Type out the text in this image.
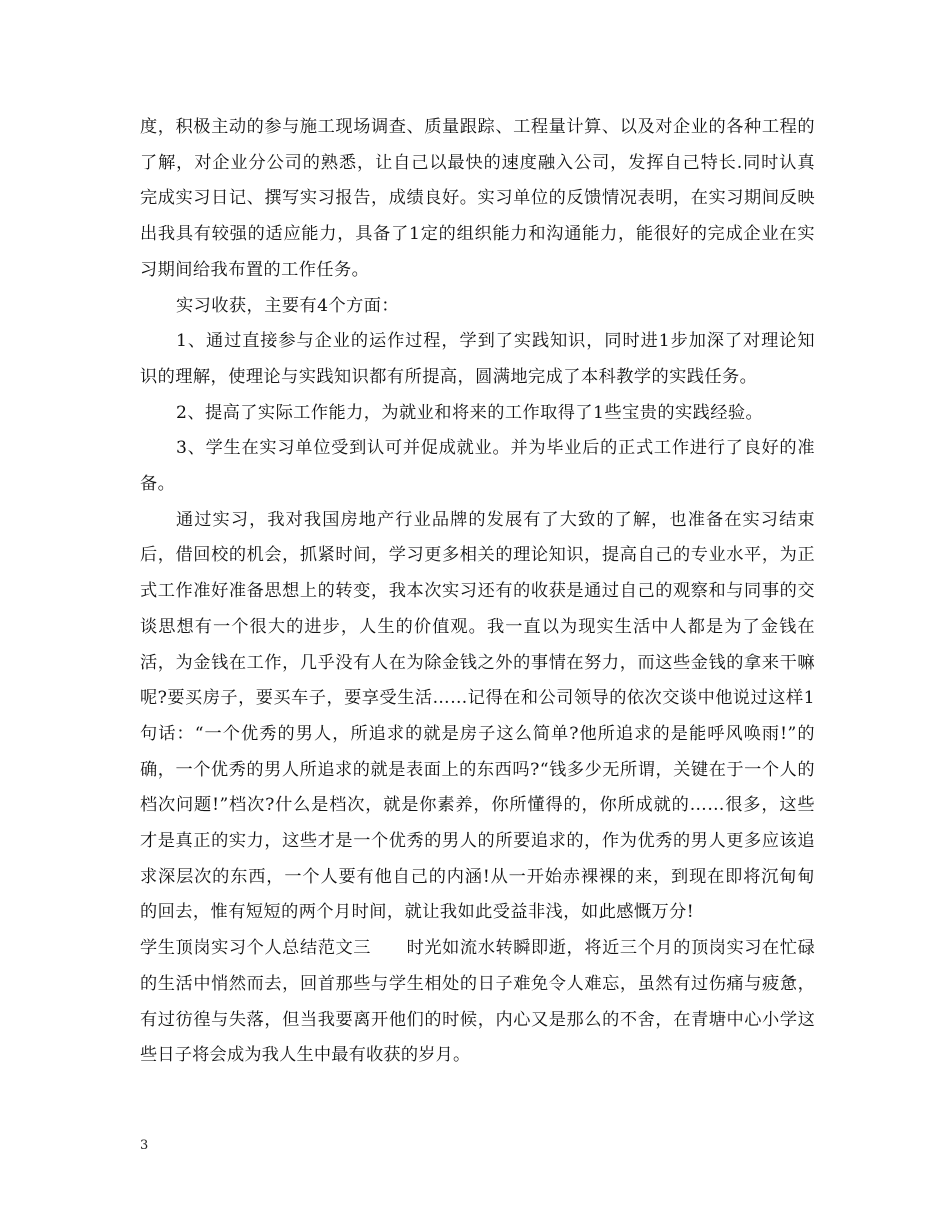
度，积极主动的参与施工现场调查、质量跟踪、工程量计算、以及对企业的各种工程的了解，对企业分公司的熟悉，让自己以最快的速度融入公司，发挥自己特长.同时认真完成实习日记、撰写实习报告，成绩良好。实习单位的反馈情况表明，在实习期间反映出我具有较强的适应能力，具备了1定的组织能力和沟通能力，能很好的完成企业在实习期间给我布置的工作任务。

实习收获，主要有4个方面：

1、通过直接参与企业的运作过程，学到了实践知识，同时进1步加深了对理论知识的理解，使理论与实践知识都有所提高，圆满地完成了本科教学的实践任务。

2、提高了实际工作能力，为就业和将来的工作取得了1些宝贵的实践经验。

3、学生在实习单位受到认可并促成就业。并为毕业后的正式工作进行了良好的准备。

通过实习，我对我国房地产行业品牌的发展有了大致的了解，也准备在实习结束后，借回校的机会，抓紧时间，学习更多相关的理论知识，提高自己的专业水平，为正式工作准好准备思想上的转变，我本次实习还有的收获是通过自己的观察和与同事的交谈思想有一个很大的进步，人生的价值观。我一直以为现实生活中人都是为了金钱在活，为金钱在工作，几乎没有人在为除金钱之外的事情在努力，而这些金钱的拿来干嘛呢?要买房子，要买车子，要享受生活……记得在和公司领导的依次交谈中他说过这样1句话：“一个优秀的男人，所追求的就是房子这么简单?他所追求的是能呼风唤雨!”的确，一个优秀的男人所追求的就是表面上的东西吗?“钱多少无所谓，关键在于一个人的档次问题!”档次?什么是档次，就是你素养，你所懂得的，你所成就的……很多，这些才是真正的实力，这些才是一个优秀的男人的所要追求的，作为优秀的男人更多应该追求深层次的东西，一个人要有他自己的内涵!从一开始赤裸裸的来，到现在即将沉甸甸的回去，惟有短短的两个月时间，就让我如此受益非浅，如此感慨万分!

学生顶岗实习个人总结范文三　　时光如流水转瞬即逝，将近三个月的顶岗实习在忙碌的生活中悄然而去，回首那些与学生相处的日子难免令人难忘，虽然有过伤痛与疲惫，有过彷徨与失落，但当我要离开他们的时候，内心又是那么的不舍，在青塘中心小学这些日子将会成为我人生中最有收获的岁月。

3
